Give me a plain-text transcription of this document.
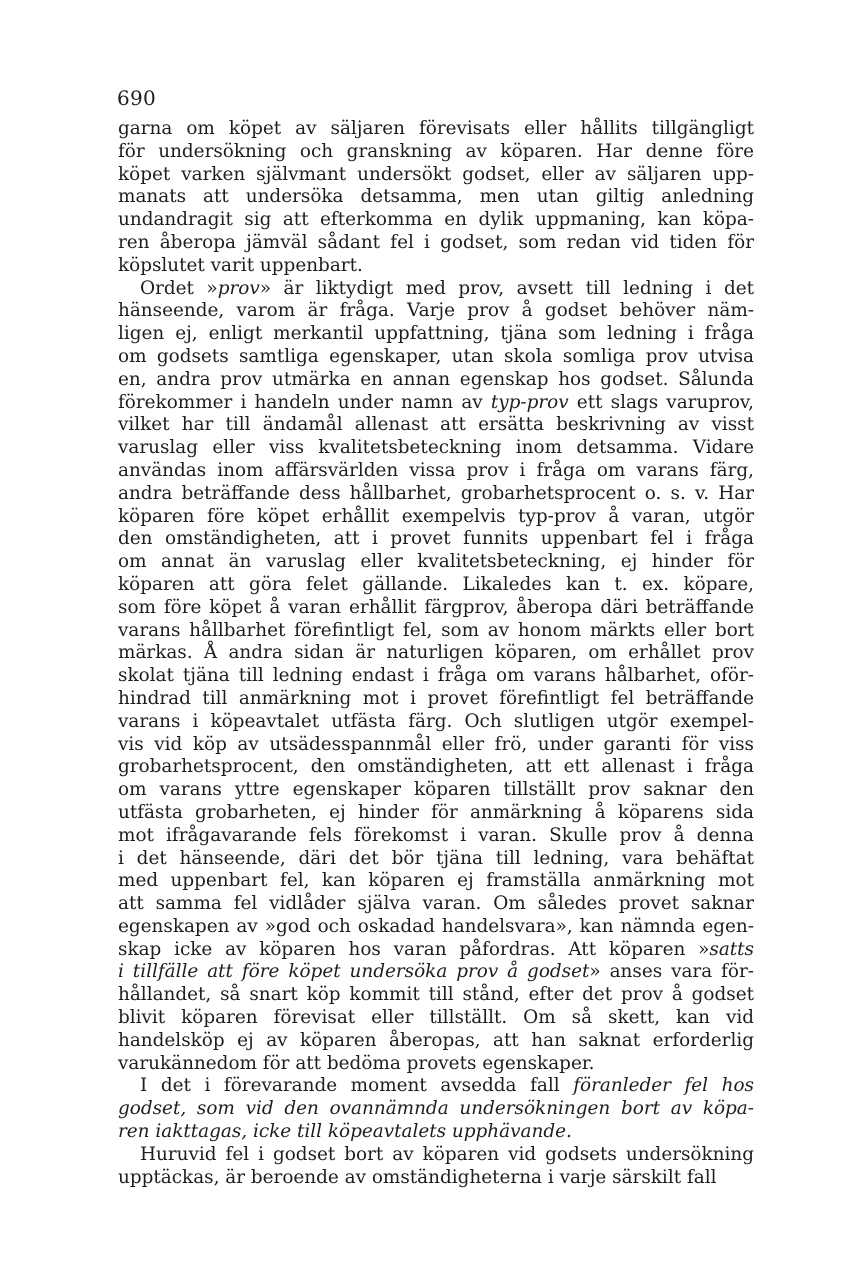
690
garna om köpet av säljaren förevisats eller hållits tillgängligt
för undersökning och granskning av köparen. Har denne före
köpet varken självmant undersökt godset, eller av säljaren upp-
manats att undersöka detsamma, men utan giltig anledning
undandragit sig att efterkomma en dylik uppmaning, kan köpa-
ren åberopa jämväl sådant fel i godset, som redan vid tiden för
köpslutet varit uppenbart.
Ordet »prov» är liktydigt med prov, avsett till ledning i det
hänseende, varom är fråga. Varje prov å godset behöver näm-
ligen ej, enligt merkantil uppfattning, tjäna som ledning i fråga
om godsets samtliga egenskaper, utan skola somliga prov utvisa
en, andra prov utmärka en annan egenskap hos godset. Sålunda
förekommer i handeln under namn av typ-prov ett slags varuprov,
vilket har till ändamål allenast att ersätta beskrivning av visst
varuslag eller viss kvalitetsbeteckning inom detsamma. Vidare
användas inom affärsvärlden vissa prov i fråga om varans färg,
andra beträffande dess hållbarhet, grobarhetsprocent o. s. v. Har
köparen före köpet erhållit exempelvis typ-prov å varan, utgör
den omständigheten, att i provet funnits uppenbart fel i fråga
om annat än varuslag eller kvalitetsbeteckning, ej hinder för
köparen att göra felet gällande. Likaledes kan t. ex. köpare,
som före köpet å varan erhållit färgprov, åberopa däri beträffande
varans hållbarhet förefintligt fel, som av honom märkts eller bort
märkas. Å andra sidan är naturligen köparen, om erhållet prov
skolat tjäna till ledning endast i fråga om varans hålbarhet, oför-
hindrad till anmärkning mot i provet förefintligt fel beträffande
varans i köpeavtalet utfästa färg. Och slutligen utgör exempel-
vis vid köp av utsädesspannmål eller frö, under garanti för viss
grobarhetsprocent, den omständigheten, att ett allenast i fråga
om varans yttre egenskaper köparen tillställt prov saknar den
utfästa grobarheten, ej hinder för anmärkning å köparens sida
mot ifrågavarande fels förekomst i varan. Skulle prov å denna
i det hänseende, däri det bör tjäna till ledning, vara behäftat
med uppenbart fel, kan köparen ej framställa anmärkning mot
att samma fel vidlåder själva varan. Om således provet saknar
egenskapen av »god och oskadad handelsvara», kan nämnda egen-
skap icke av köparen hos varan påfordras. Att köparen »satts
i tillfälle att före köpet undersöka prov å godset» anses vara för-
hållandet, så snart köp kommit till stånd, efter det prov å godset
blivit köparen förevisat eller tillställt. Om så skett, kan vid
handelsköp ej av köparen åberopas, att han saknat erforderlig
varukännedom för att bedöma provets egenskaper.
I det i förevarande moment avsedda fall föranleder fel hos
godset, som vid den ovannämnda undersökningen bort av köpa-
ren iakttagas, icke till köpeavtalets upphävande.
Huruvid fel i godset bort av köparen vid godsets undersökning
upptäckas, är beroende av omständigheterna i varje särskilt fall
